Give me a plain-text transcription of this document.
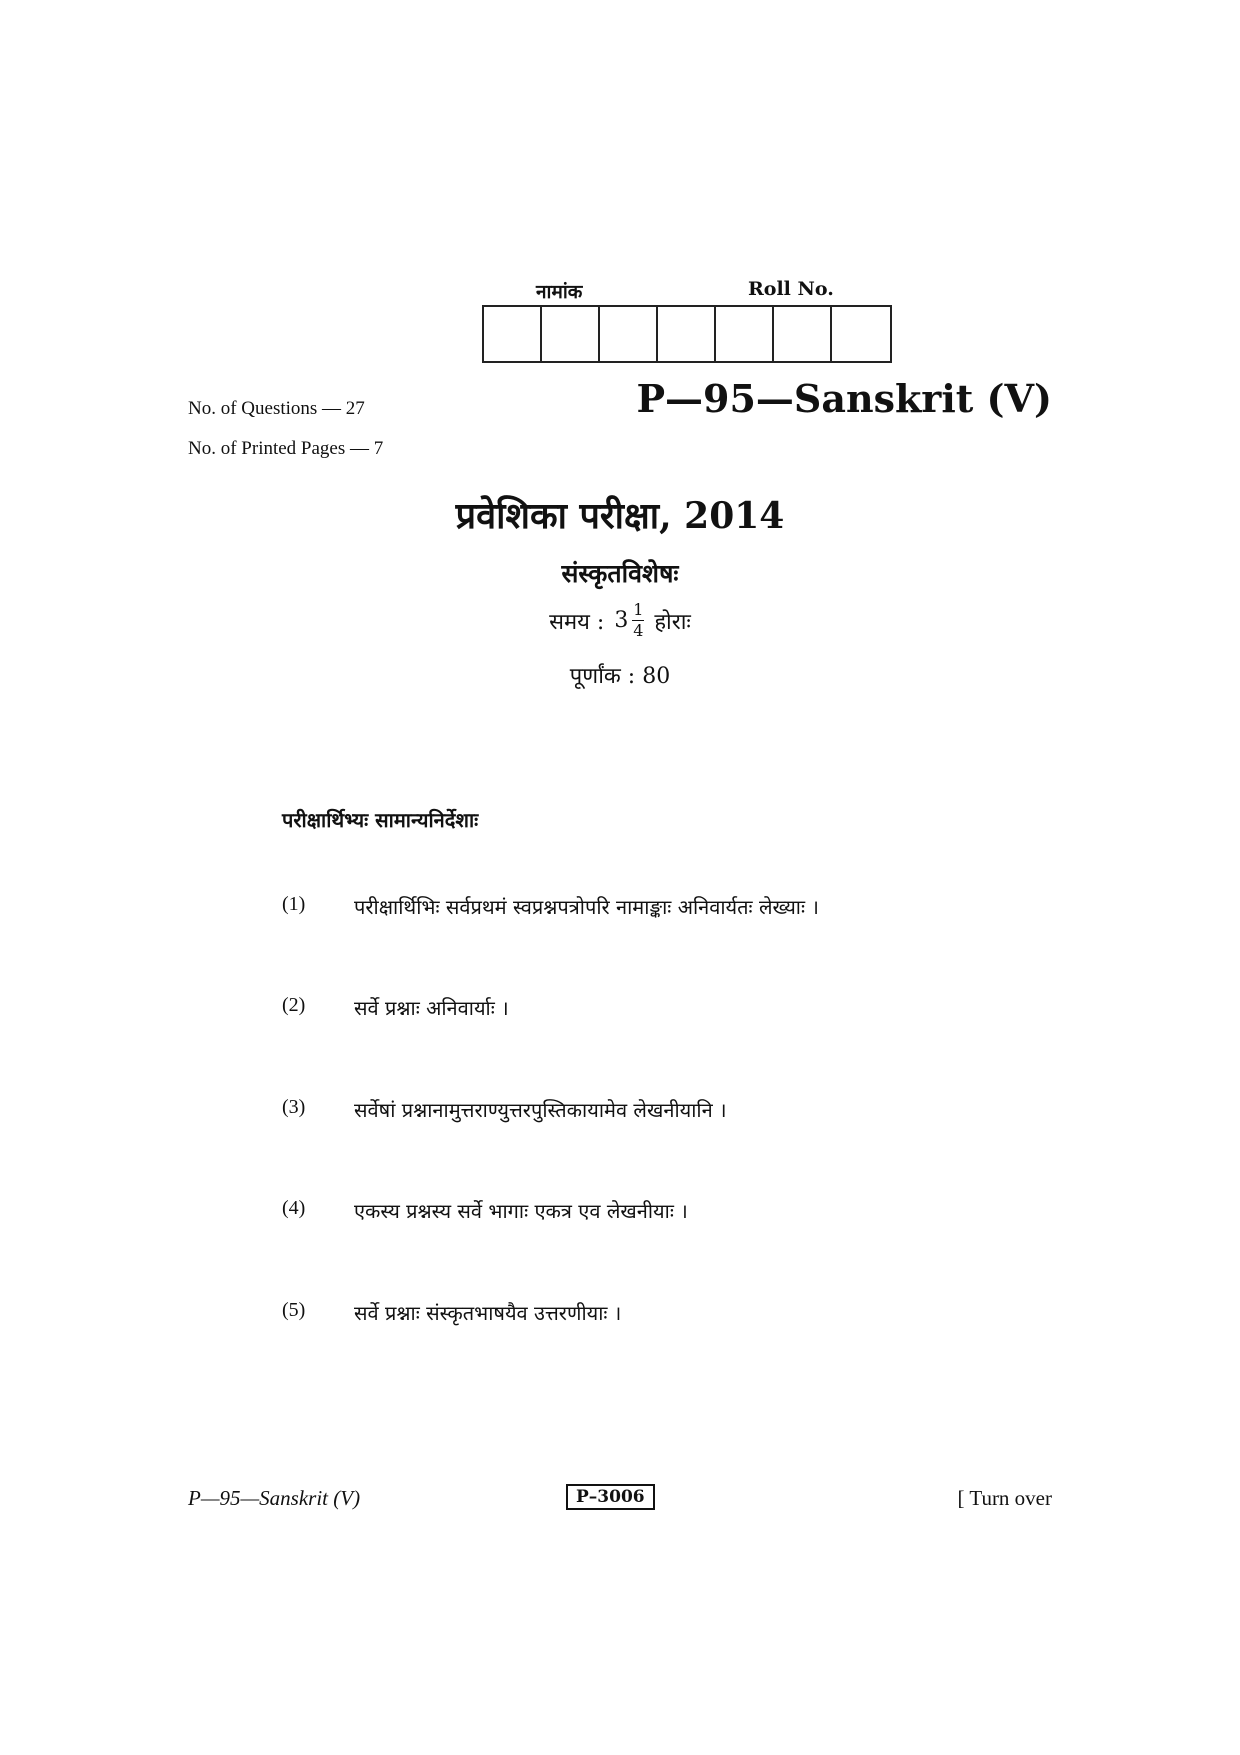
नामांक	Roll No.
No. of Questions — 27
No. of Printed Pages — 7
P—95—Sanskrit (V)
प्रवेशिका परीक्षा, 2014
संस्कृतविशेषः
समय : $3 \frac{1}{4}$ होराः
पूर्णांक : 80
परीक्षार्थिभ्यः सामान्यनिर्देशाः
(1)	परीक्षार्थिभिः सर्वप्रथमं स्वप्रश्नपत्रोपरि नामाङ्काः अनिवार्यतः लेख्याः ।
(2)	सर्वे प्रश्नाः अनिवार्याः ।
(3)	सर्वेषां प्रश्नानामुत्तराण्युत्तरपुस्तिकायामेव लेखनीयानि ।
(4)	एकस्य प्रश्नस्य सर्वे भागाः एकत्र एव लेखनीयाः ।
(5)	सर्वे प्रश्नाः संस्कृतभाषयैव उत्तरणीयाः ।
P—95—Sanskrit (V)	P–3006	[ Turn over
